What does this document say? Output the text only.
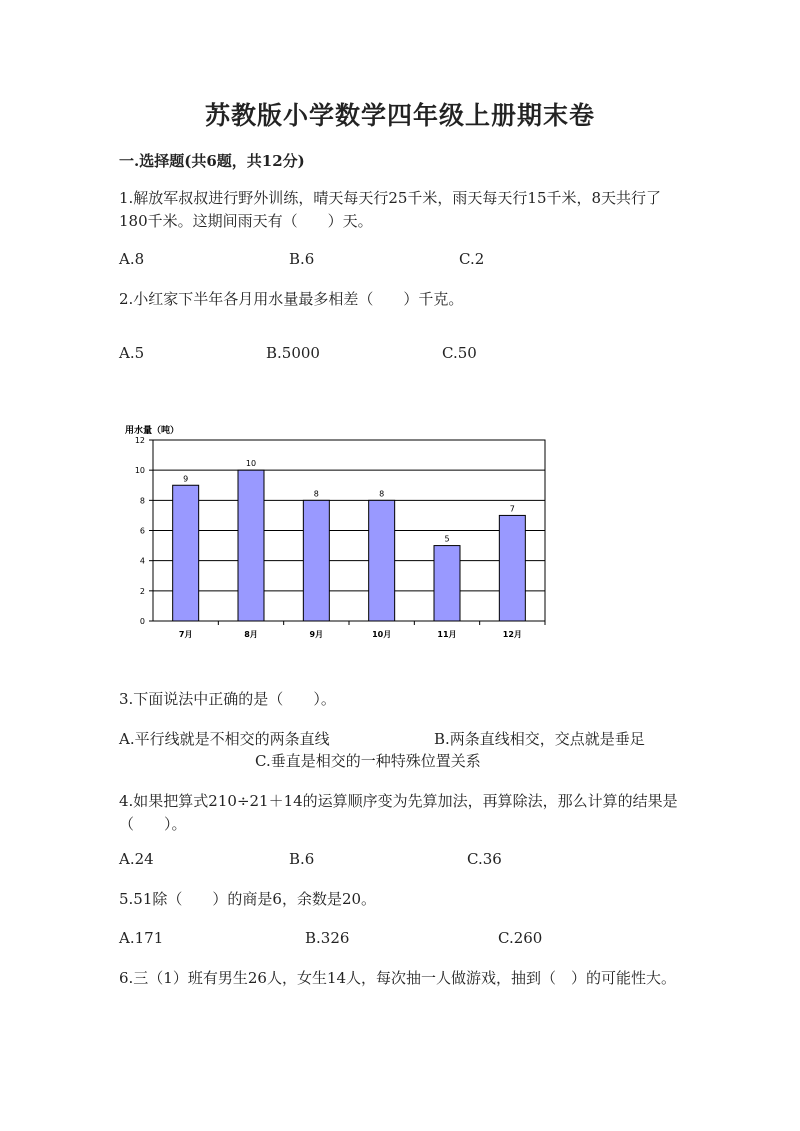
苏教版小学数学四年级上册期末卷
一.选择题(共6题，共12分)
1.解放军叔叔进行野外训练，晴天每天行25千米，雨天每天行15千米，8天共行了180千米。这期间雨天有（　　）天。
A.8	B.6	C.2
2.小红家下半年各月用水量最多相差（　　）千克。
A.5	B.5000	C.50
用水量（吨）
0
2
4
6
8
10
12
9
7月
10
8月
8
9月
8
10月
5
11月
7
12月
3.下面说法中正确的是（　　）。
A.平行线就是不相交的两条直线	B.两条直线相交，交点就是垂足
C.垂直是相交的一种特殊位置关系
4.如果把算式210÷21＋14的运算顺序变为先算加法，再算除法，那么计算的结果是（　　）。
A.24	B.6	C.36
5.51除（　　）的商是6，余数是20。
A.171	B.326	C.260
6.三（1）班有男生26人，女生14人，每次抽一人做游戏，抽到（　）的可能性大。
